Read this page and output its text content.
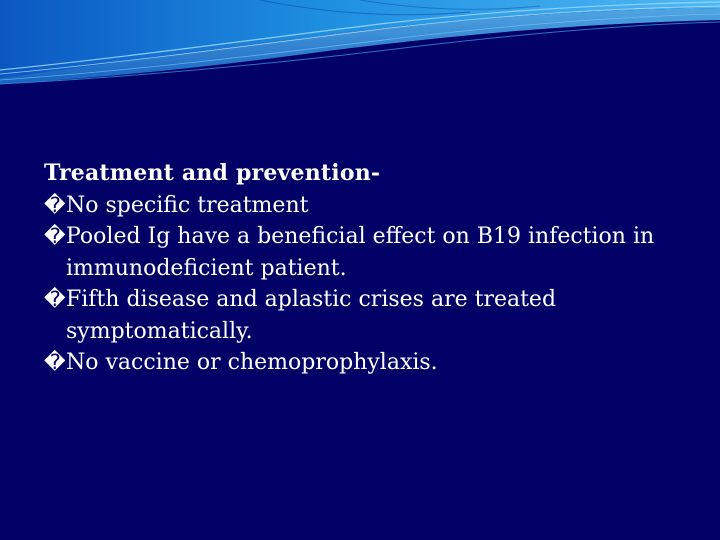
Treatment and prevention-
� No specific treatment
� Pooled Ig have a beneficial effect on B19 infection in immunodeficient patient.
� Fifth disease and aplastic crises are treated symptomatically.
� No vaccine or chemoprophylaxis.
